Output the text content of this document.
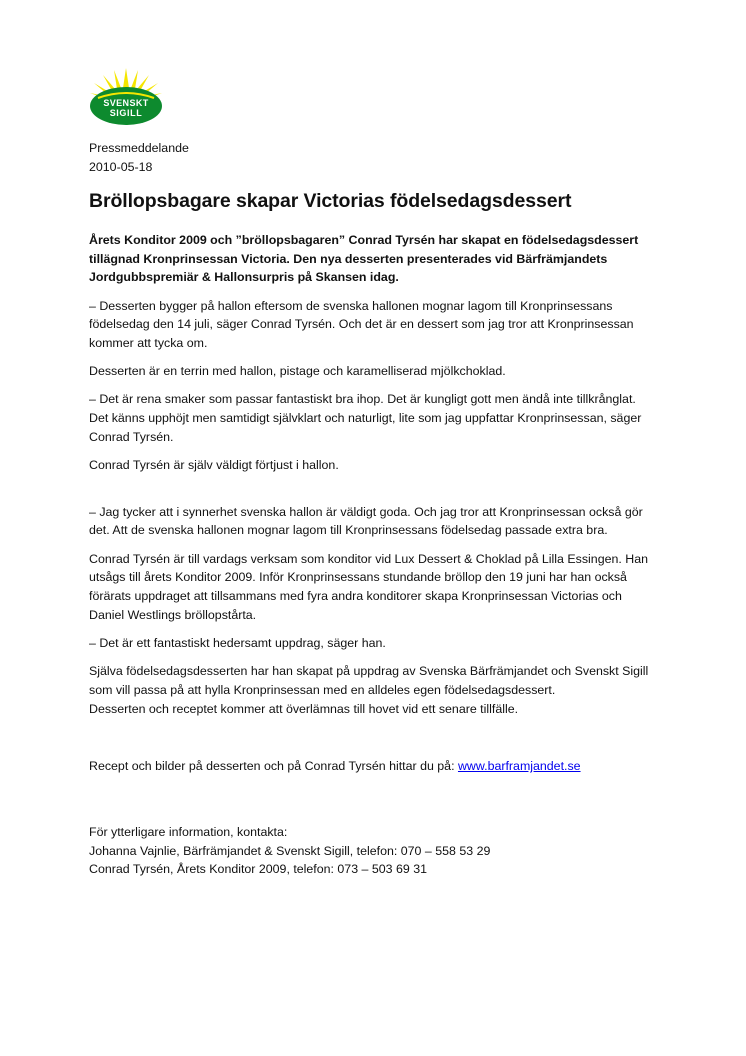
SVENSKT
SIGILL

Pressmeddelande

2010-05-18

Bröllopsbagare skapar Victorias födelsedagsdessert

Årets Konditor 2009 och ”bröllopsbagaren” Conrad Tyrsén har skapat en födelsedagsdessert
tillägnad Kronprinsessan Victoria. Den nya desserten presenterades vid Bärfrämjandets
Jordgubbspremiär & Hallonsurpris på Skansen idag.

– Desserten bygger på hallon eftersom de svenska hallonen mognar lagom till Kronprinsessans
födelsedag den 14 juli, säger Conrad Tyrsén. Och det är en dessert som jag tror att Kronprinsessan
kommer att tycka om.

Desserten är en terrin med hallon, pistage och karamelliserad mjölkchoklad.

– Det är rena smaker som passar fantastiskt bra ihop. Det är kungligt gott men ändå inte tillkrånglat.
Det känns upphöjt men samtidigt självklart och naturligt, lite som jag uppfattar Kronprinsessan, säger
Conrad Tyrsén.

Conrad Tyrsén är själv väldigt förtjust i hallon.

– Jag tycker att i synnerhet svenska hallon är väldigt goda. Och jag tror att Kronprinsessan också gör
det. Att de svenska hallonen mognar lagom till Kronprinsessans födelsedag passade extra bra.

Conrad Tyrsén är till vardags verksam som konditor vid Lux Dessert & Choklad på Lilla Essingen. Han
utsågs till årets Konditor 2009. Inför Kronprinsessans stundande bröllop den 19 juni har han också
förärats uppdraget att tillsammans med fyra andra konditorer skapa Kronprinsessan Victorias och
Daniel Westlings bröllopstårta.

– Det är ett fantastiskt hedersamt uppdrag, säger han.

Själva födelsedagsdesserten har han skapat på uppdrag av Svenska Bärfrämjandet och Svenskt Sigill
som vill passa på att hylla Kronprinsessan med en alldeles egen födelsedagsdessert.
Desserten och receptet kommer att överlämnas till hovet vid ett senare tillfälle.

Recept och bilder på desserten och på Conrad Tyrsén hittar du på: www.barframjandet.se

För ytterligare information, kontakta:
Johanna Vajnlie, Bärfrämjandet & Svenskt Sigill, telefon: 070 – 558 53 29
Conrad Tyrsén, Årets Konditor 2009, telefon: 073 – 503 69 31
